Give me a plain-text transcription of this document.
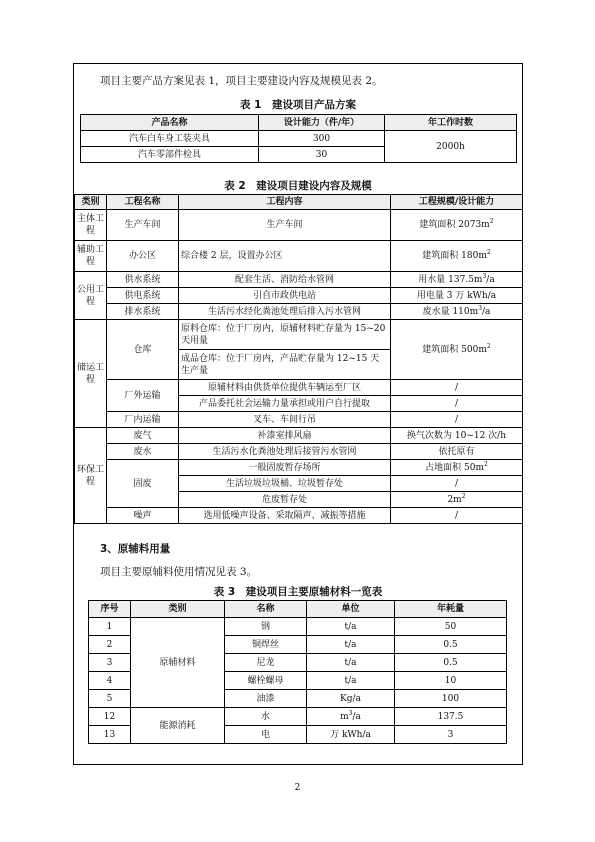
项目主要产品方案见表 1，项目主要建设内容及规模见表 2。
表 1　建设项目产品方案
产品名称	设计能力（件/年）	年工作时数
汽车白车身工装夹具	300	2000h
汽车零部件检具	30	
表 2　建设项目建设内容及规模
类别	工程名称	工程内容	工程规模/设计能力
主体工程	生产车间	生产车间	建筑面积 $2073m^2$
辅助工程	办公区	综合楼 2 层，设置办公区	建筑面积 $180m^2$
公用工程	供水系统	配套生活、消防给水管网	用水量 $137.5m^3/a$
	供电系统	引自市政供电站	用电量 3 万 kWh/a
	排水系统	生活污水经化粪池处理后排入污水管网	废水量 $110m^3/a$
储运工程	仓库	原料仓库：位于厂房内，原辅材料贮存量为 15~20 天用量	建筑面积 $500m^2$
		成品仓库：位于厂房内，产品贮存量为 12~15 天生产量	
	厂外运输	原辅材料由供货单位提供车辆运至厂区	/
		产品委托社会运输力量承担或用户自行提取	/
	厂内运输	叉车、车间行吊	/
环保工程	废气	补漆室排风扇	换气次数为 10~12 次/h
	废水	生活污水化粪池处理后接管污水管网	依托原有
	固废	一般固废暂存场所	占地面积 $50m^2$
		生活垃圾垃圾桶、垃圾暂存处	/
		危废暂存处	$2m^2$
	噪声	选用低噪声设备、采取隔声、减振等措施	/
3、原辅料用量
项目主要原辅料使用情况见表 3。
表 3　建设项目主要原辅材料一览表
序号	类别	名称	单位	年耗量
1	原辅材料	钢	t/a	50
2		铜焊丝	t/a	0.5
3		尼龙	t/a	0.5
4		螺栓螺母	t/a	10
5		油漆	Kg/a	100
12	能源消耗	水	$m^3/a$	137.5
13		电	万 kWh/a	3
2
